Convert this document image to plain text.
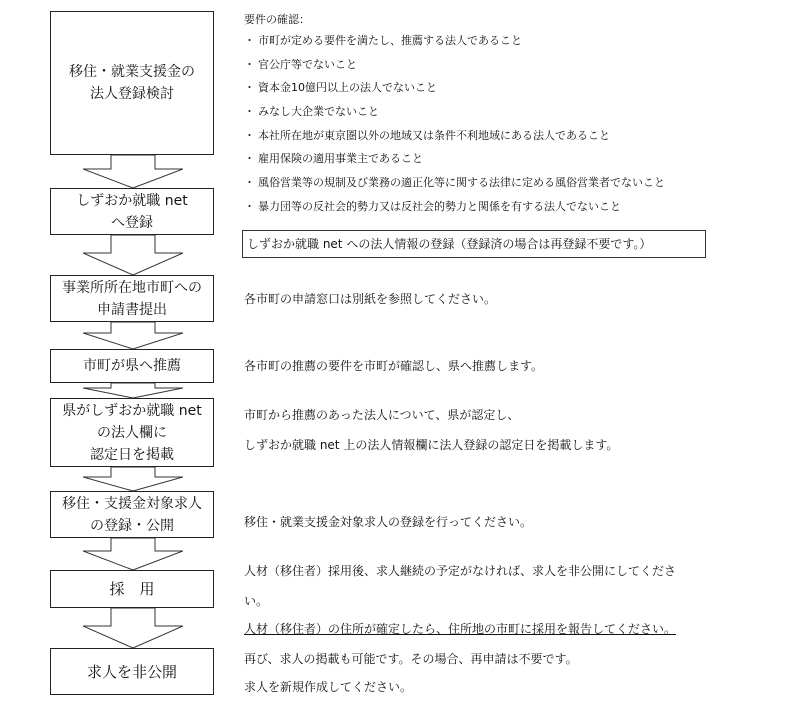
移住・就業支援金の
法人登録検討
しずおか就職 net
へ登録
事業所所在地市町への
申請書提出
市町が県へ推薦
県がしずおか就職 net
の法人欄に
認定日を掲載
移住・支援金対象求人
の登録・公開
採　用
求人を非公開
要件の確認：
・ 市町が定める要件を満たし、推薦する法人であること
・ 官公庁等でないこと
・ 資本金10億円以上の法人でないこと
・ みなし大企業でないこと
・ 本社所在地が東京圏以外の地域又は条件不利地域にある法人であること
・ 雇用保険の適用事業主であること
・ 風俗営業等の規制及び業務の適正化等に関する法律に定める風俗営業者でないこと
・ 暴力団等の反社会的勢力又は反社会的勢力と関係を有する法人でないこと
しずおか就職 net への法人情報の登録（登録済の場合は再登録不要です。）
各市町の申請窓口は別紙を参照してください。
各市町の推薦の要件を市町が確認し、県へ推薦します。
市町から推薦のあった法人について、県が認定し、
しずおか就職 net 上の法人情報欄に法人登録の認定日を掲載します。
移住・就業支援金対象求人の登録を行ってください。
人材（移住者）採用後、求人継続の予定がなければ、求人を非公開にしてくださ
い。
人材（移住者）の住所が確定したら、住所地の市町に採用を報告してください。
再び、求人の掲載も可能です。その場合、再申請は不要です。
求人を新規作成してください。
